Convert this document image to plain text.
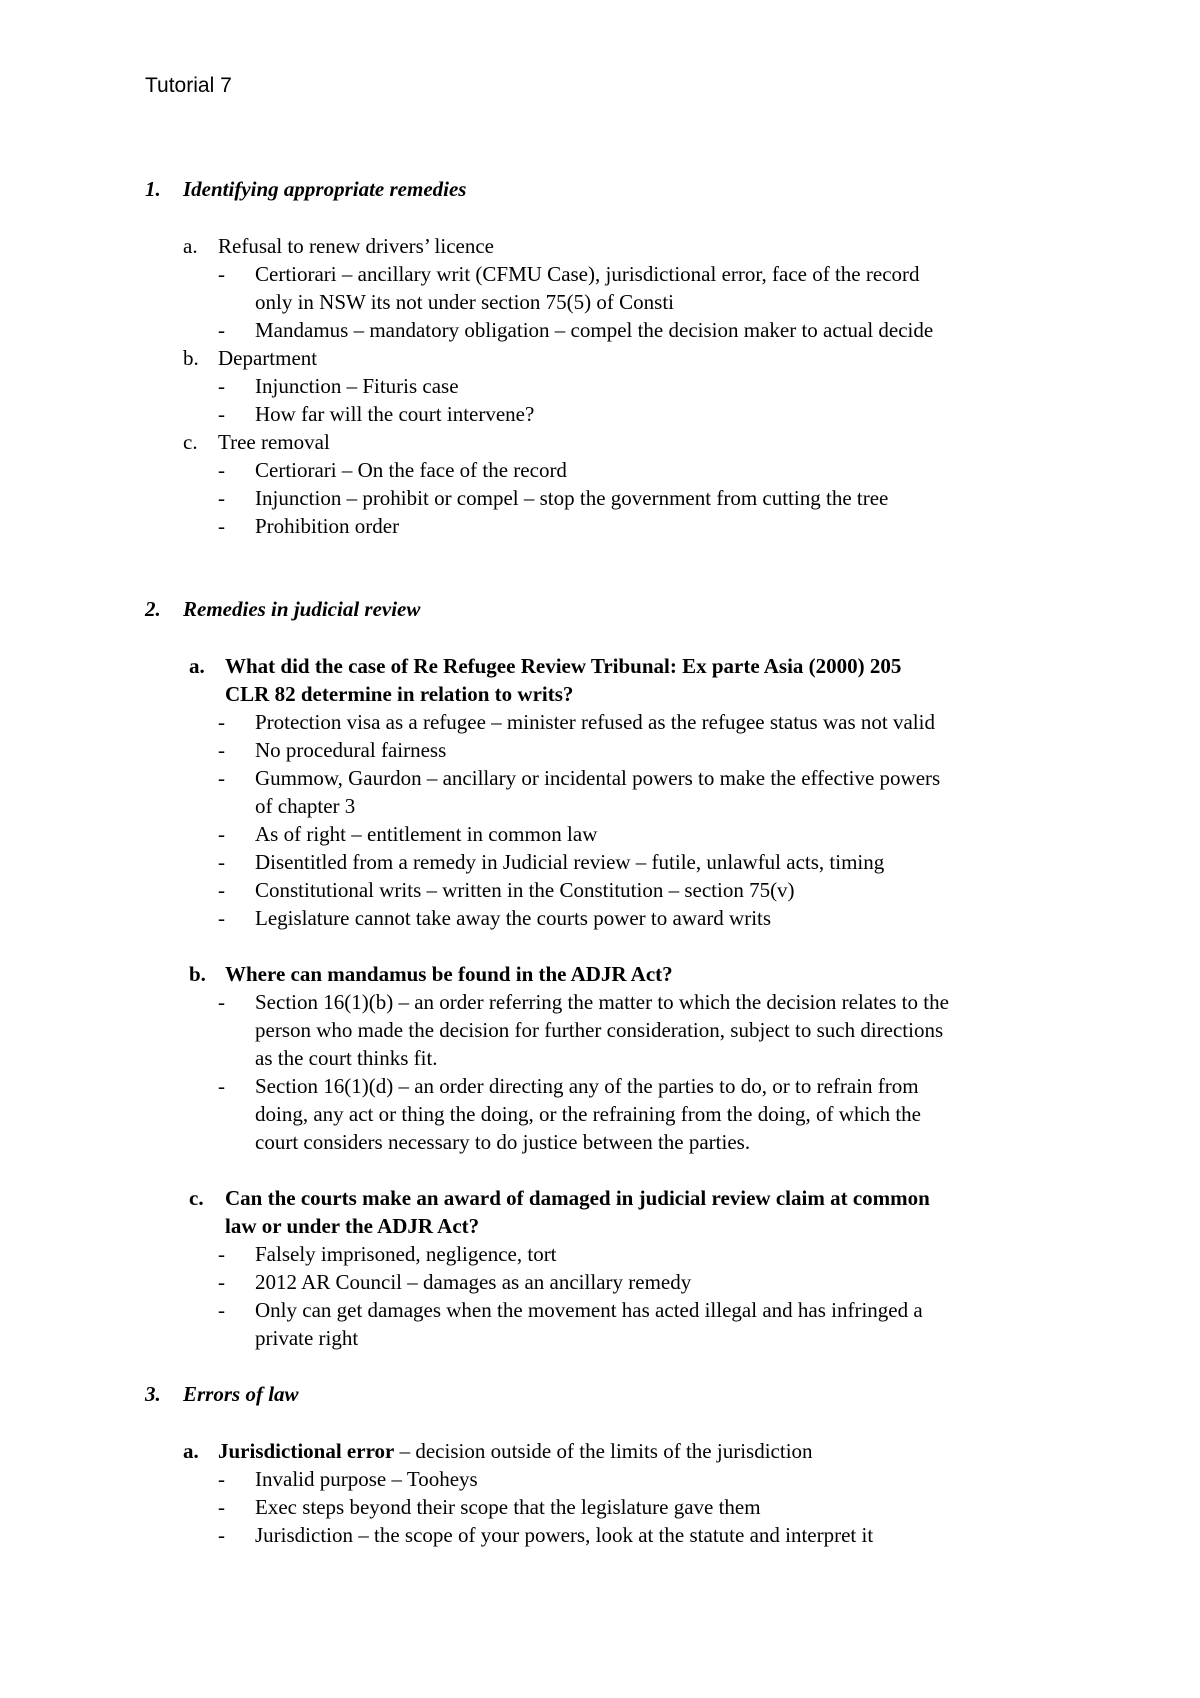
Tutorial 7
1. Identifying appropriate remedies
a. Refusal to renew drivers’ licence
-	Certiorari – ancillary writ (CFMU Case), jurisdictional error, face of the record
only in NSW its not under section 75(5) of Consti
-	Mandamus – mandatory obligation – compel the decision maker to actual decide
b. Department
-	Injunction – Fituris case
-	How far will the court intervene?
c. Tree removal
-	Certiorari – On the face of the record
-	Injunction – prohibit or compel – stop the government from cutting the tree
-	Prohibition order
2. Remedies in judicial review
a. What did the case of Re Refugee Review Tribunal: Ex parte Asia (2000) 205
CLR 82 determine in relation to writs?
-	Protection visa as a refugee – minister refused as the refugee status was not valid
-	No procedural fairness
-	Gummow, Gaurdon – ancillary or incidental powers to make the effective powers
of chapter 3
-	As of right – entitlement in common law
-	Disentitled from a remedy in Judicial review – futile, unlawful acts, timing
-	Constitutional writs – written in the Constitution – section 75(v)
-	Legislature cannot take away the courts power to award writs
b. Where can mandamus be found in the ADJR Act?
-	Section 16(1)(b) – an order referring the matter to which the decision relates to the
person who made the decision for further consideration, subject to such directions
as the court thinks fit.
-	Section 16(1)(d) – an order directing any of the parties to do, or to refrain from
doing, any act or thing the doing, or the refraining from the doing, of which the
court considers necessary to do justice between the parties.
c. Can the courts make an award of damaged in judicial review claim at common
law or under the ADJR Act?
-	Falsely imprisoned, negligence, tort
-	2012 AR Council – damages as an ancillary remedy
-	Only can get damages when the movement has acted illegal and has infringed a
private right
3. Errors of law
a. Jurisdictional error – decision outside of the limits of the jurisdiction
-	Invalid purpose – Tooheys
-	Exec steps beyond their scope that the legislature gave them
-	Jurisdiction – the scope of your powers, look at the statute and interpret it
